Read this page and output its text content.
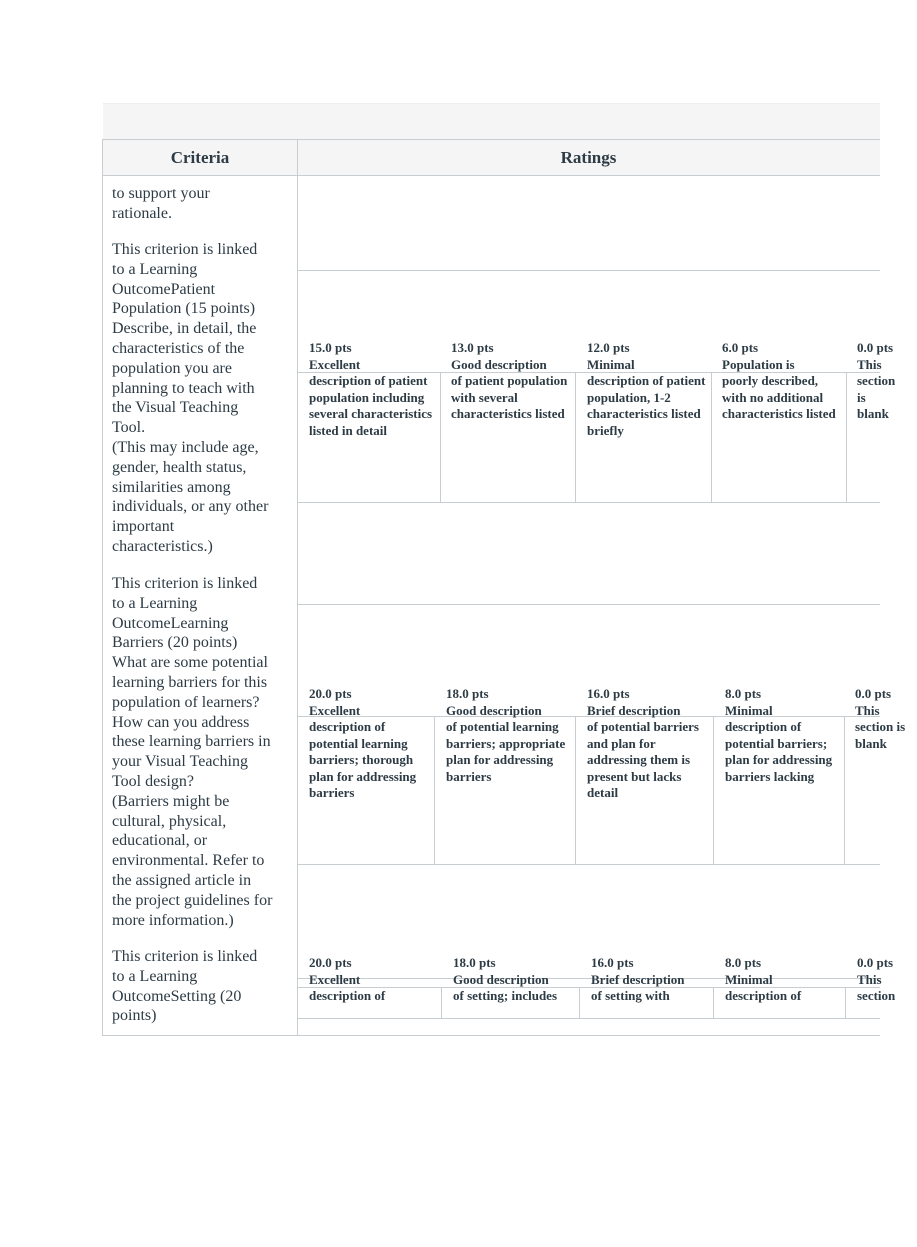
Criteria	Ratings

to support your

rationale.

This criterion is linked

to a Learning

OutcomePatient

Population (15 points)

Describe, in detail, the

characteristics of the

population you are

planning to teach with

the Visual Teaching

Tool.

(This may include age,

gender, health status,

similarities among

individuals, or any other

important

characteristics.)

This criterion is linked

to a Learning

OutcomeLearning

Barriers (20 points)

What are some potential

learning barriers for this

population of learners?

How can you address

these learning barriers in

your Visual Teaching

Tool design?

(Barriers might be

cultural, physical,

educational, or

environmental. Refer to

the assigned article in

the project guidelines for

more information.)

This criterion is linked

to a Learning

OutcomeSetting (20

points)

15.0 pts
Excellent
description of patient population including several characteristics listed in detail
13.0 pts
Good description
of patient population with several characteristics listed
12.0 pts
Minimal
description of patient population, 1-2 characteristics listed briefly
6.0 pts
Population is
poorly described, with no additional characteristics listed
0.0 pts
This
section is blank
20.0 pts
Excellent
description of potential learning barriers; thorough plan for addressing barriers
18.0 pts
Good description
of potential learning barriers; appropriate plan for addressing barriers
16.0 pts
Brief description
of potential barriers and plan for addressing them is present but lacks detail
8.0 pts
Minimal
description of potential barriers; plan for addressing barriers lacking
0.0 pts
This
section is blank
20.0 pts
Excellent
description of
18.0 pts
Good description
of setting; includes
16.0 pts
Brief description
of setting with
8.0 pts
Minimal
description of
0.0 pts
This
section
